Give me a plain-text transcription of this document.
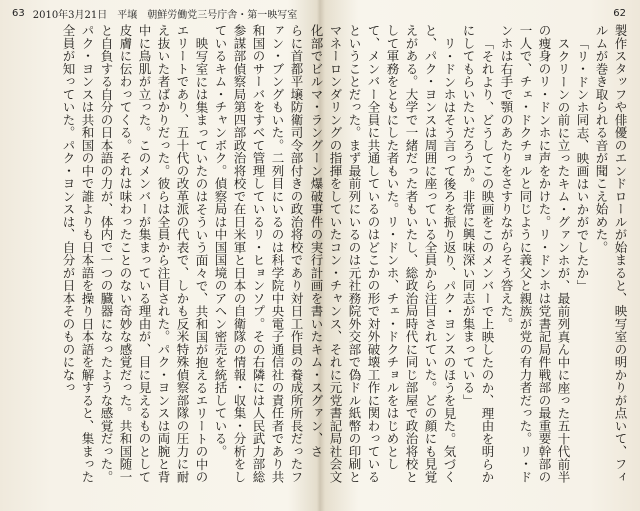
63 2010年3月21日　平壌　朝鮮労働党三号庁舎・第一映写室

らに首都平壌防衛司令部付きの政治将校であり対日工作員の養成所所長だったファン・ブングもいた。二列目にいるのは科学院中央電子通信社の責任者であり共和国のサーバをすべて管理しているリ・ヒョンソプ。その右隣には人民武力部総参謀部偵察局第四部政治将校で在日米軍と日本の自衛隊の情報・収集・分析をしているキム・チャンボク。偵察局は中国国境のアヘン密売を統括している。

映写室には集まっていたのはそういう面々で、共和国が抱えるエリートの中のエリートであり、五十代の改革派の代表で、しかも反米特殊偵察部隊の圧力に耐え抜いた者ばかりだった。彼らは全員から注目された。パク・ヨンスは両腕と背中に鳥肌が立った。このメンバーが集まっている理由が、目に見えるものとして皮膚に伝わってくる。それは味わったことのない奇妙な感覚だった。共和国随一と自負する自分の日本語の力が、体内で一つの臓器になったような感覚だった。パク・ヨンスは共和国の中で誰よりも日本語を操り日本語を解すると、集まった全員が知っていた。パク・ヨンスは、自分が日本そのものになっ

62

製作スタッフや俳優のエンドロールが始まると、映写室の明かりが点いて、フィルムが巻き取られる音が聞こえ始めた。

「リ・ドンホ同志、映画はいかがでしたか」

スクリーンの前に立ったキム・グァンホが、最前列真ん中に座った五十代前半の痩身のリ・ドンホに声をかけた。リ・ドンホは党書記局件戦部の最重要幹部の一人で、チェ・ドクチョルと同じように義父と親族が党の有力者だった。リ・ドンホは右手で顎のあたりをさすりながらそう答えた。

「それより、どうしてこの映画をこのメンバーで上映したのか、理由を明らかにしてもらいたいだろうか。非常に興味深い同志が集まっている」

リ・ドンホはそう言って後ろを振り返り、パク・ヨンスのほうを見た。気づくと、パク・ヨンスは周囲に座っている全員から注目されていた。どの顔にも見覚えがある。大学で一緒だった者もいたし、総政治局時代に同じ部屋で政治将校として軍務をともにした者もいた。リ・ドンホ、チェ・ドクチョルをはじめとして、メンバー全員に共通しているのはどこかの形で対外破壊工作に関わっているということだった。まず最前列にいるのは元社務院外交部で偽ドル紙幣の印刷とマネーロンダリングの指揮をしていたコン・チャンス、それに元党書記局社会文化部でビルマ・ラングーン爆破事件の実行計画を書いたキム・スグァン、さ
